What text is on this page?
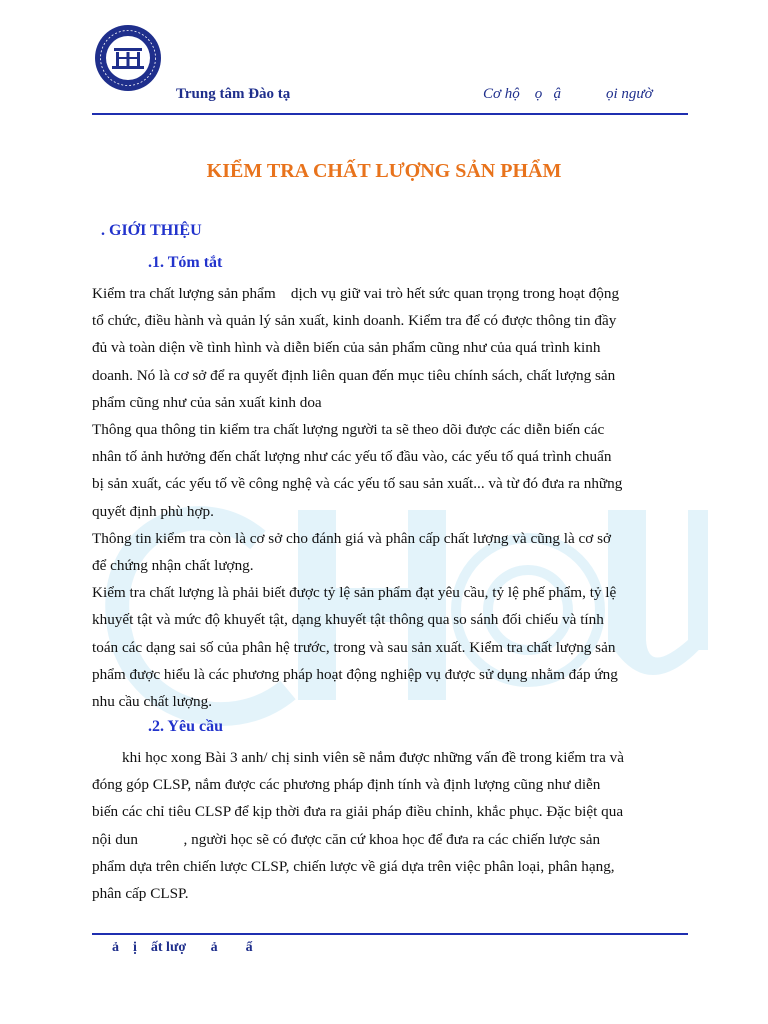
Trung tâm Đào tạ	Cơ hộ    ọ   ậ            ọi ngườ
KIỂM TRA CHẤT LƯỢNG SẢN PHẨM
. GIỚI THIỆU
.1. Tóm tắt
Kiểm tra chất lượng sản phẩm    dịch vụ giữ vai trò hết sức quan trọng trong hoạt động
tổ chức, điều hành và quản lý sản xuất, kinh doanh. Kiểm tra để có được thông tin đầy
đủ và toàn diện về tình hình và diễn biến của sản phẩm cũng như của quá trình kinh
doanh. Nó là cơ sở để ra quyết định liên quan đến mục tiêu chính sách, chất lượng sản
phẩm cũng như của sản xuất kinh doa
Thông qua thông tin kiểm tra chất lượng người ta sẽ theo dõi được các diễn biến các
nhân tố ảnh hưởng đến chất lượng như các yếu tố đầu vào, các yếu tố quá trình chuẩn
bị sản xuất, các yếu tố về công nghệ và các yếu tố sau sản xuất... và từ đó đưa ra những
quyết định phù hợp.
Thông tin kiểm tra còn là cơ sở cho đánh giá và phân cấp chất lượng và cũng là cơ sở
để chứng nhận chất lượng.
Kiểm tra chất lượng là phải biết được tỷ lệ sản phẩm đạt yêu cầu, tỷ lệ phế phẩm, tỷ lệ
khuyết tật và mức độ khuyết tật, dạng khuyết tật thông qua so sánh đối chiếu và tính
toán các dạng sai số của phân hệ trước, trong và sau sản xuất. Kiểm tra chất lượng sản
phẩm được hiểu là các phương pháp hoạt động nghiệp vụ được sử dụng nhằm đáp ứng
nhu cầu chất lượng.
.2. Yêu cầu
khi học xong Bài 3 anh/ chị sinh viên sẽ nắm được những vấn đề trong kiểm tra và
đóng góp CLSP, nắm được các phương pháp định tính và định lượng cũng như diễn
biến các chỉ tiêu CLSP để kịp thời đưa ra giải pháp điều chỉnh, khắc phục. Đặc biệt qua
nội dun            , người học sẽ có được căn cứ khoa học để đưa ra các chiến lược sản
phẩm dựa trên chiến lược CLSP, chiến lược về giá dựa trên việc phân loại, phân hạng,
phân cấp CLSP.
ả    ị    ất lượ       ả        ẩ
